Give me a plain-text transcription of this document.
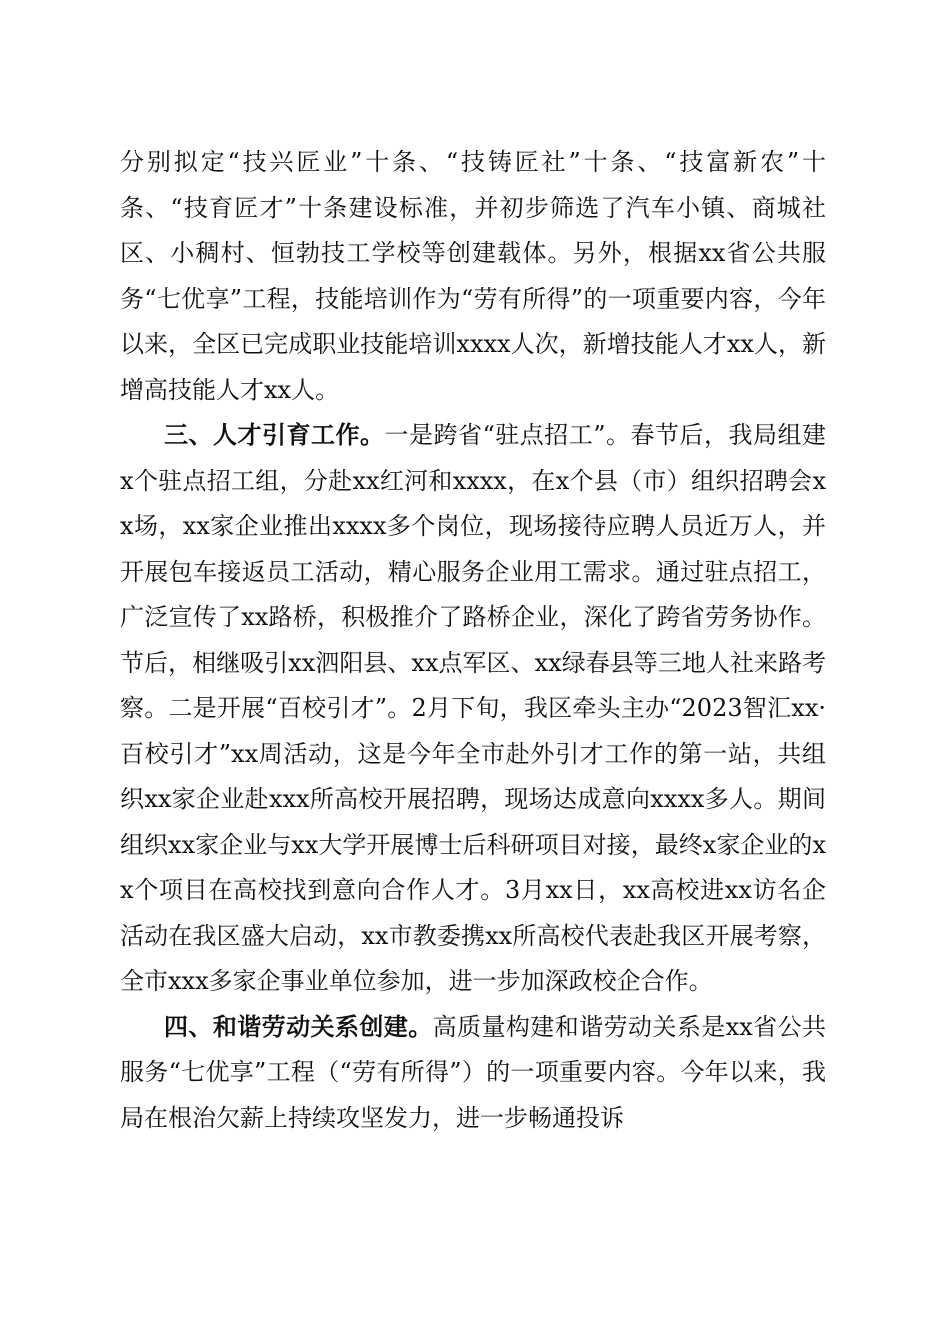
分别拟定“技兴匠业”十条、“技铸匠社”十条、“技富新农”十条、“技育匠才”十条建设标准，并初步筛选了汽车小镇、商城社区、小稠村、恒勃技工学校等创建载体。另外，根据xx省公共服务“七优享”工程，技能培训作为“劳有所得”的一项重要内容，今年以来，全区已完成职业技能培训xxxx人次，新增技能人才xx人，新增高技能人才xx人。

三、人才引育工作。一是跨省“驻点招工”。春节后，我局组建x个驻点招工组，分赴xx红河和xxxx，在x个县（市）组织招聘会xx场，xx家企业推出xxxx多个岗位，现场接待应聘人员近万人，并开展包车接返员工活动，精心服务企业用工需求。通过驻点招工，广泛宣传了xx路桥，积极推介了路桥企业，深化了跨省劳务协作。节后，相继吸引xx泗阳县、xx点军区、xx绿春县等三地人社来路考察。二是开展“百校引才”。2月下旬，我区牵头主办“2023智汇xx·百校引才”xx周活动，这是今年全市赴外引才工作的第一站，共组织xx家企业赴xxx所高校开展招聘，现场达成意向xxxx多人。期间组织xx家企业与xx大学开展博士后科研项目对接，最终x家企业的xx个项目在高校找到意向合作人才。3月xx日，xx高校进xx访名企活动在我区盛大启动，xx市教委携xx所高校代表赴我区开展考察，全市xxx多家企事业单位参加，进一步加深政校企合作。

四、和谐劳动关系创建。高质量构建和谐劳动关系是xx省公共服务“七优享”工程（“劳有所得”）的一项重要内容。今年以来，我局在根治欠薪上持续攻坚发力，进一步畅通投诉
